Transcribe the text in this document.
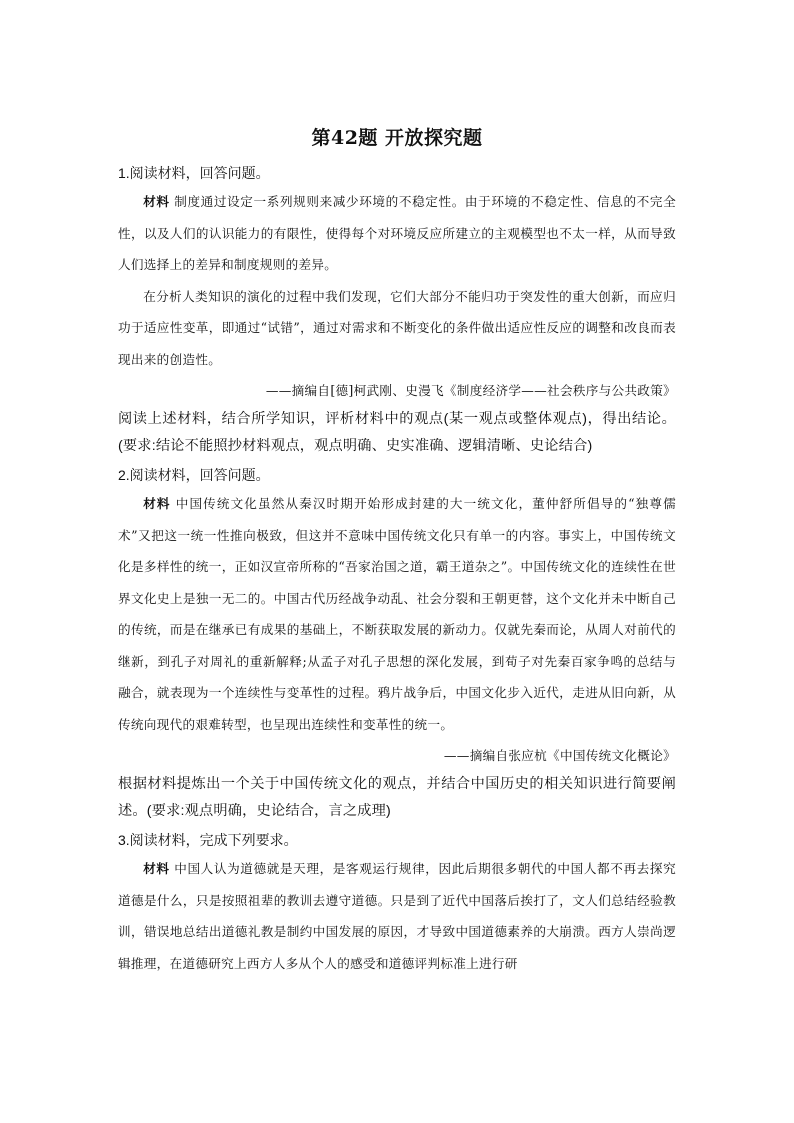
第42题 开放探究题

1.阅读材料，回答问题。

材料 制度通过设定一系列规则来减少环境的不稳定性。由于环境的不稳定性、信息的不完全性，以及人们的认识能力的有限性，使得每个对环境反应所建立的主观模型也不太一样，从而导致人们选择上的差异和制度规则的差异。

在分析人类知识的演化的过程中我们发现，它们大部分不能归功于突发性的重大创新，而应归功于适应性变革，即通过“试错”，通过对需求和不断变化的条件做出适应性反应的调整和改良而表现出来的创造性。

——摘编自[德]柯武刚、史漫飞《制度经济学——社会秩序与公共政策》

阅读上述材料，结合所学知识，评析材料中的观点(某一观点或整体观点)，得出结论。(要求:结论不能照抄材料观点，观点明确、史实准确、逻辑清晰、史论结合)

2.阅读材料，回答问题。

材料 中国传统文化虽然从秦汉时期开始形成封建的大一统文化，董仲舒所倡导的“独尊儒术”又把这一统一性推向极致，但这并不意味中国传统文化只有单一的内容。事实上，中国传统文化是多样性的统一，正如汉宣帝所称的“吾家治国之道，霸王道杂之”。中国传统文化的连续性在世界文化史上是独一无二的。中国古代历经战争动乱、社会分裂和王朝更替，这个文化并未中断自己的传统，而是在继承已有成果的基础上，不断获取发展的新动力。仅就先秦而论，从周人对前代的继新，到孔子对周礼的重新解释;从孟子对孔子思想的深化发展，到荀子对先秦百家争鸣的总结与融合，就表现为一个连续性与变革性的过程。鸦片战争后，中国文化步入近代，走进从旧向新，从传统向现代的艰难转型，也呈现出连续性和变革性的统一。

——摘编自张应杭《中国传统文化概论》

根据材料提炼出一个关于中国传统文化的观点，并结合中国历史的相关知识进行简要阐述。(要求:观点明确，史论结合，言之成理)

3.阅读材料，完成下列要求。

材料 中国人认为道德就是天理，是客观运行规律，因此后期很多朝代的中国人都不再去探究道德是什么，只是按照祖辈的教训去遵守道德。只是到了近代中国落后挨打了，文人们总结经验教训，错误地总结出道德礼教是制约中国发展的原因，才导致中国道德素养的大崩溃。西方人崇尚逻辑推理，在道德研究上西方人多从个人的感受和道德评判标准上进行研
